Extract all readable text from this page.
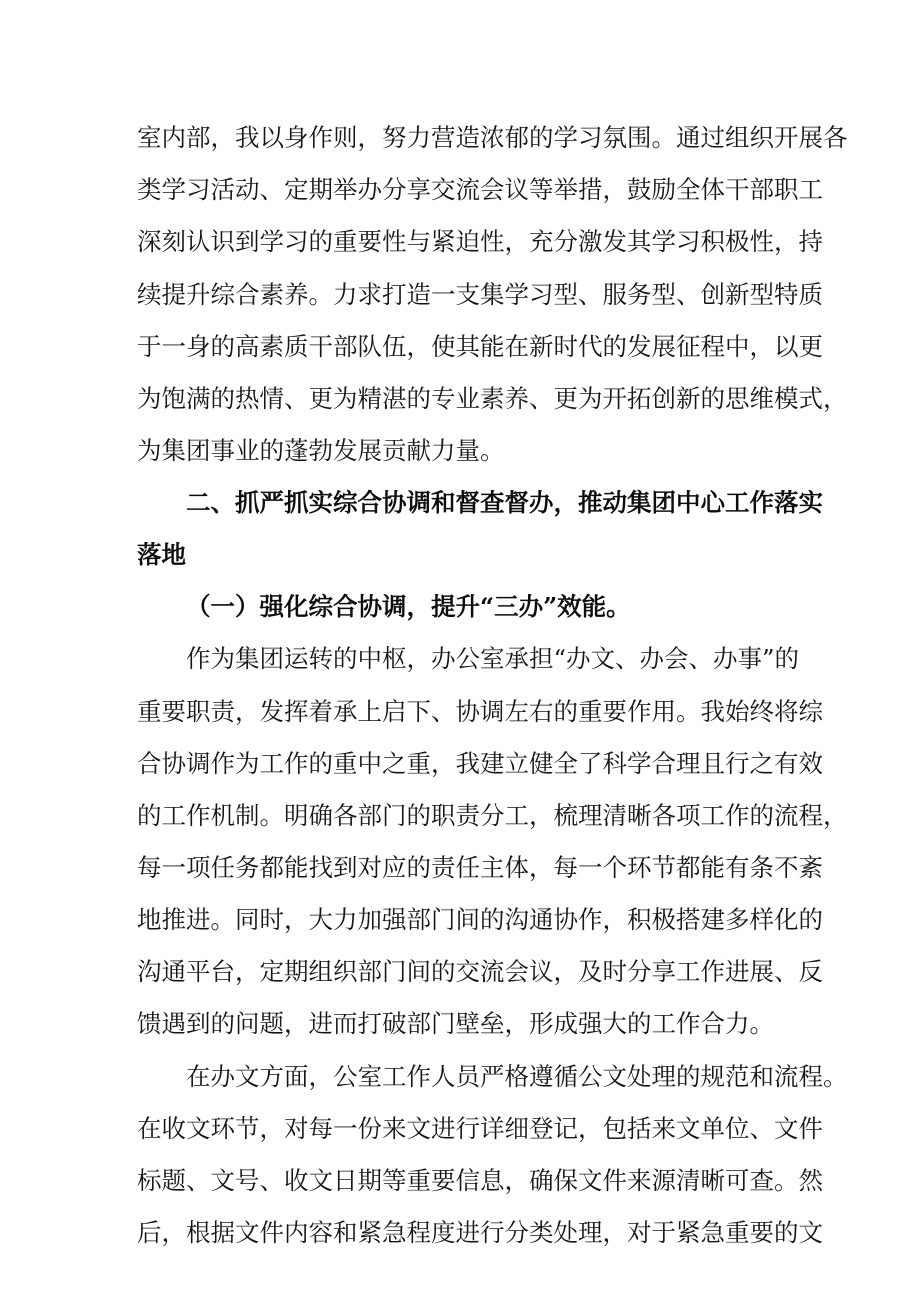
室内部，我以身作则，努力营造浓郁的学习氛围。通过组织开展各
类学习活动、定期举办分享交流会议等举措，鼓励全体干部职工
深刻认识到学习的重要性与紧迫性，充分激发其学习积极性，持
续提升综合素养。力求打造一支集学习型、服务型、创新型特质
于一身的高素质干部队伍，使其能在新时代的发展征程中，以更
为饱满的热情、更为精湛的专业素养、更为开拓创新的思维模式，
为集团事业的蓬勃发展贡献力量。
二、抓严抓实综合协调和督查督办，推动集团中心工作落实
落地
（一）强化综合协调，提升“三办”效能。
作为集团运转的中枢，办公室承担“办文、办会、办事”的
重要职责，发挥着承上启下、协调左右的重要作用。我始终将综
合协调作为工作的重中之重，我建立健全了科学合理且行之有效
的工作机制。明确各部门的职责分工，梳理清晰各项工作的流程，
每一项任务都能找到对应的责任主体，每一个环节都能有条不紊
地推进。同时，大力加强部门间的沟通协作，积极搭建多样化的
沟通平台，定期组织部门间的交流会议，及时分享工作进展、反
馈遇到的问题，进而打破部门壁垒，形成强大的工作合力。
在办文方面，公室工作人员严格遵循公文处理的规范和流程。
在收文环节，对每一份来文进行详细登记，包括来文单位、文件
标题、文号、收文日期等重要信息，确保文件来源清晰可查。然
后，根据文件内容和紧急程度进行分类处理，对于紧急重要的文
